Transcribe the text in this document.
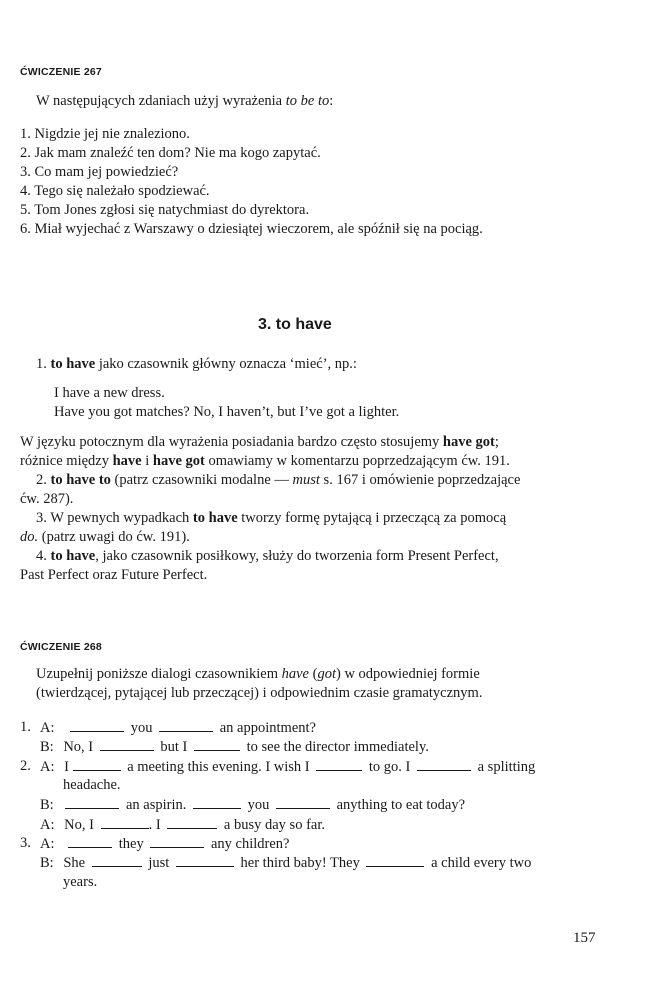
ĆWICZENIE 267
W następujących zdaniach użyj wyrażenia to be to:
1. Nigdzie jej nie znaleziono.
2. Jak mam znaleźć ten dom? Nie ma kogo zapytać.
3. Co mam jej powiedzieć?
4. Tego się należało spodziewać.
5. Tom Jones zgłosi się natychmiast do dyrektora.
6. Miał wyjechać z Warszawy o dziesiątej wieczorem, ale spóźnił się na pociąg.
3. to have
1. to have jako czasownik główny oznacza ‘mieć’, np.:
I have a new dress.
Have you got matches? No, I haven’t, but I’ve got a lighter.
W języku potocznym dla wyrażenia posiadania bardzo często stosujemy have got;
różnice między have i have got omawiamy w komentarzu poprzedzającym ćw. 191.
2. to have to (patrz czasowniki modalne — must s. 167 i omówienie poprzedzające
ćw. 287).
3. W pewnych wypadkach to have tworzy formę pytającą i przeczącą za pomocą
do. (patrz uwagi do ćw. 191).
4. to have, jako czasownik posiłkowy, służy do tworzenia form Present Perfect,
Past Perfect oraz Future Perfect.
ĆWICZENIE 268
Uzupełnij poniższe dialogi czasownikiem have (got) w odpowiedniej formie
(twierdzącej, pytającej lub przeczącej) i odpowiednim czasie gramatycznym.
1. A:	you	an appointment?
B: No, I	but I	to see the director immediately.
2. A: I	a meeting this evening. I wish I	to go. I	a splitting
headache.
B:	an aspirin.	you	anything to eat today?
A: No, I	. I	a busy day so far.
3. A:	they	any children?
B: She	just	her third baby! They	a child every two
years.
157
